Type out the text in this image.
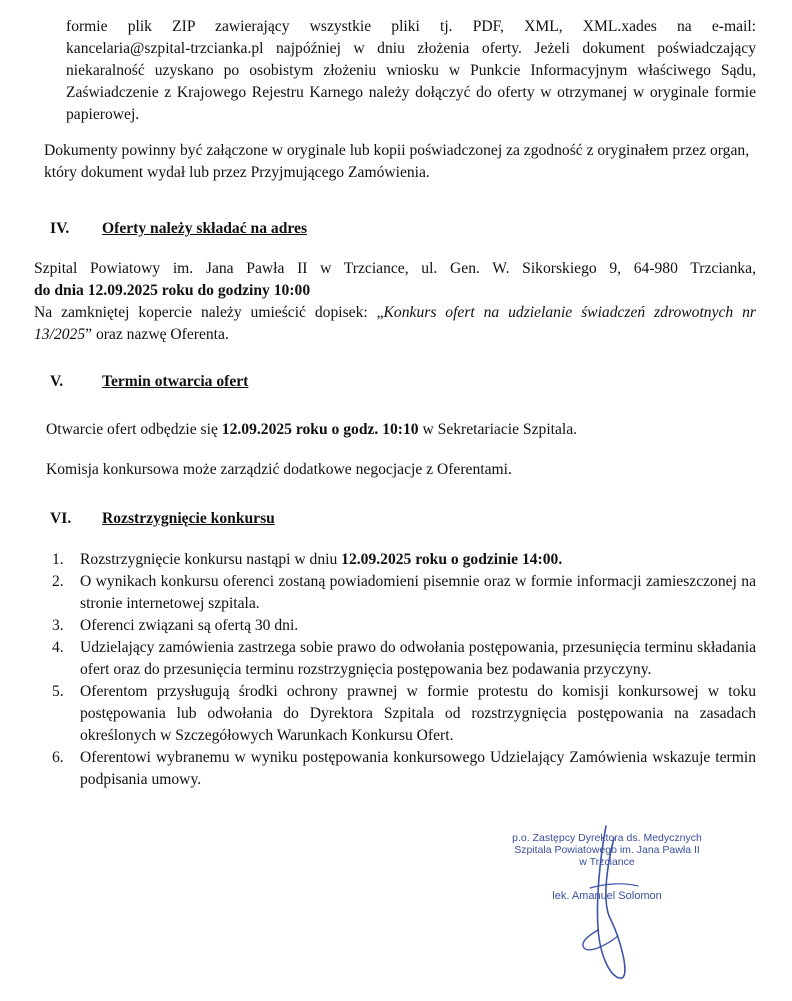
formie plik ZIP zawierający wszystkie pliki tj. PDF, XML, XML.xades na e-mail:
kancelaria@szpital-trzcianka.pl najpóźniej w dniu złożenia oferty. Jeżeli dokument poświadczający niekaralność uzyskano po osobistym złożeniu wniosku w Punkcie Informacyjnym właściwego Sądu, Zaświadczenie z Krajowego Rejestru Karnego należy dołączyć do oferty w otrzymanej w oryginale formie papierowej.
Dokumenty powinny być załączone w oryginale lub kopii poświadczonej za zgodność z oryginałem przez organ, który dokument wydał lub przez Przyjmującego Zamówienia.
IV. Oferty należy składać na adres
Szpital Powiatowy im. Jana Pawła II w Trzciance, ul. Gen. W. Sikorskiego 9, 64-980 Trzcianka,
do dnia 12.09.2025 roku do godziny 10:00
Na zamkniętej kopercie należy umieścić dopisek: „Konkurs ofert na udzielanie świadczeń zdrowotnych nr 13/2025” oraz nazwę Oferenta.
V. Termin otwarcia ofert
Otwarcie ofert odbędzie się 12.09.2025 roku o godz. 10:10 w Sekretariacie Szpitala.
Komisja konkursowa może zarządzić dodatkowe negocjacje z Oferentami.
VI. Rozstrzygnięcie konkursu
1. Rozstrzygnięcie konkursu nastąpi w dniu 12.09.2025 roku o godzinie 14:00.
2. O wynikach konkursu oferenci zostaną powiadomieni pisemnie oraz w formie informacji zamieszczonej na stronie internetowej szpitala.
3. Oferenci związani są ofertą 30 dni.
4. Udzielający zamówienia zastrzega sobie prawo do odwołania postępowania, przesunięcia terminu składania ofert oraz do przesunięcia terminu rozstrzygnięcia postępowania bez podawania przyczyny.
5. Oferentom przysługują środki ochrony prawnej w formie protestu do komisji konkursowej w toku postępowania lub odwołania do Dyrektora Szpitala od rozstrzygnięcia postępowania na zasadach określonych w Szczegółowych Warunkach Konkursu Ofert.
6. Oferentowi wybranemu w wyniku postępowania konkursowego Udzielający Zamówienia wskazuje termin podpisania umowy.
p.o. Zastępcy Dyrektora ds. Medycznych
Szpitala Powiatowego im. Jana Pawła II
w Trzciance
lek. Amanuel Solomon
